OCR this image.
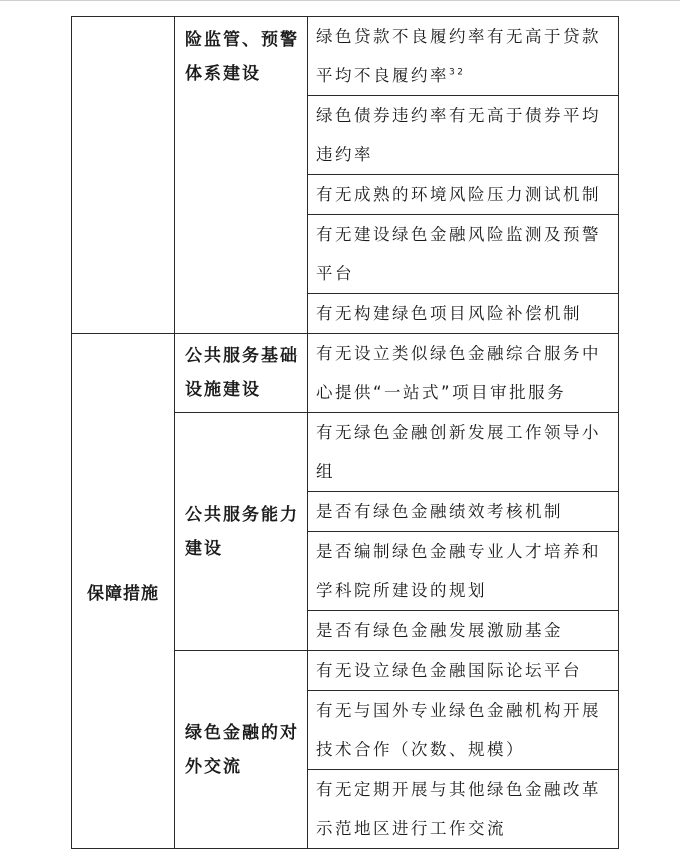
	险监管、预警体系建设	绿色贷款不良履约率有无高于贷款平均不良履约率$^{32}$
		绿色债券违约率有无高于债券平均违约率
		有无成熟的环境风险压力测试机制
		有无建设绿色金融风险监测及预警平台
		有无构建绿色项目风险补偿机制
保障措施	公共服务基础设施建设	有无设立类似绿色金融综合服务中心提供“一站式”项目审批服务
	公共服务能力建设	有无绿色金融创新发展工作领导小组
		是否有绿色金融绩效考核机制
		是否编制绿色金融专业人才培养和学科院所建设的规划
		是否有绿色金融发展激励基金
	绿色金融的对外交流	有无设立绿色金融国际论坛平台
		有无与国外专业绿色金融机构开展技术合作（次数、规模）
		有无定期开展与其他绿色金融改革示范地区进行工作交流
